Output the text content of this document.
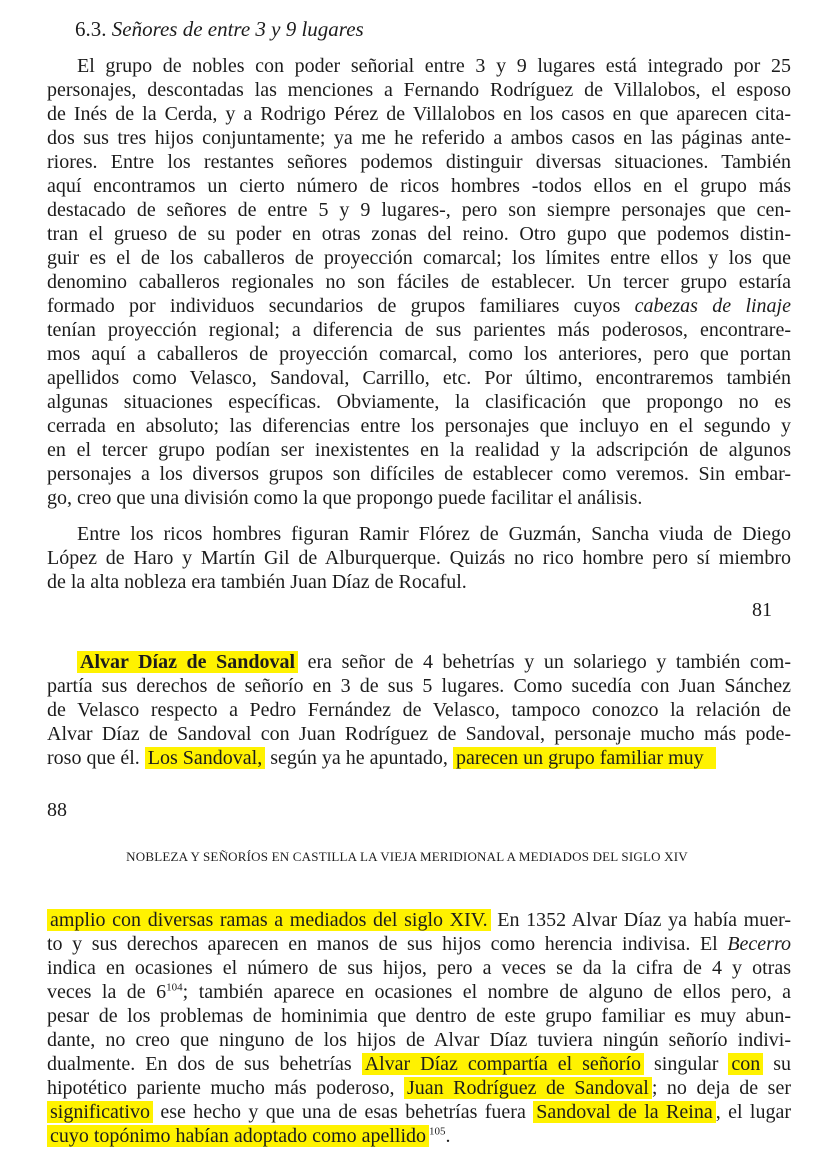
6.3. Señores de entre 3 y 9 lugares
El grupo de nobles con poder señorial entre 3 y 9 lugares está integrado por 25
personajes, descontadas las menciones a Fernando Rodríguez de Villalobos, el esposo
de Inés de la Cerda, y a Rodrigo Pérez de Villalobos en los casos en que aparecen cita-
dos sus tres hijos conjuntamente; ya me he referido a ambos casos en las páginas ante-
riores. Entre los restantes señores podemos distinguir diversas situaciones. También
aquí encontramos un cierto número de ricos hombres -todos ellos en el grupo más
destacado de señores de entre 5 y 9 lugares-, pero son siempre personajes que cen-
tran el grueso de su poder en otras zonas del reino. Otro gupo que podemos distin-
guir es el de los caballeros de proyección comarcal; los límites entre ellos y los que
denomino caballeros regionales no son fáciles de establecer. Un tercer grupo estaría
formado por individuos secundarios de grupos familiares cuyos cabezas de linaje
tenían proyección regional; a diferencia de sus parientes más poderosos, encontrare-
mos aquí a caballeros de proyección comarcal, como los anteriores, pero que portan
apellidos como Velasco, Sandoval, Carrillo, etc. Por último, encontraremos también
algunas situaciones específicas. Obviamente, la clasificación que propongo no es
cerrada en absoluto; las diferencias entre los personajes que incluyo en el segundo y
en el tercer grupo podían ser inexistentes en la realidad y la adscripción de algunos
personajes a los diversos grupos son difíciles de establecer como veremos. Sin embar-
go, creo que una división como la que propongo puede facilitar el análisis.
Entre los ricos hombres figuran Ramir Flórez de Guzmán, Sancha viuda de Diego
López de Haro y Martín Gil de Alburquerque. Quizás no rico hombre pero sí miembro
de la alta nobleza era también Juan Díaz de Rocaful.
81
Alvar Díaz de Sandoval era señor de 4 behetrías y un solariego y también com-
partía sus derechos de señorío en 3 de sus 5 lugares. Como sucedía con Juan Sánchez
de Velasco respecto a Pedro Fernández de Velasco, tampoco conozco la relación de
Alvar Díaz de Sandoval con Juan Rodríguez de Sandoval, personaje mucho más pode-
roso que él. Los Sandoval, según ya he apuntado, parecen un grupo familiar muy
88
NOBLEZA Y SEÑORÍOS EN CASTILLA LA VIEJA MERIDIONAL A MEDIADOS DEL SIGLO XIV
amplio con diversas ramas a mediados del siglo XIV. En 1352 Alvar Díaz ya había muer-
to y sus derechos aparecen en manos de sus hijos como herencia indivisa. El Becerro
indica en ocasiones el número de sus hijos, pero a veces se da la cifra de 4 y otras
veces la de $6^{104}$; también aparece en ocasiones el nombre de alguno de ellos pero, a
pesar de los problemas de hominimia que dentro de este grupo familiar es muy abun-
dante, no creo que ninguno de los hijos de Alvar Díaz tuviera ningún señorío indivi-
dualmente. En dos de sus behetrías Alvar Díaz compartía el señorío singular con su
hipotético pariente mucho más poderoso, Juan Rodríguez de Sandoval ; no deja de ser
significativo ese hecho y que una de esas behetrías fuera Sandoval de la Reina , el lugar
cuyo topónimo habían adoptado como apellido $^{105}$.
